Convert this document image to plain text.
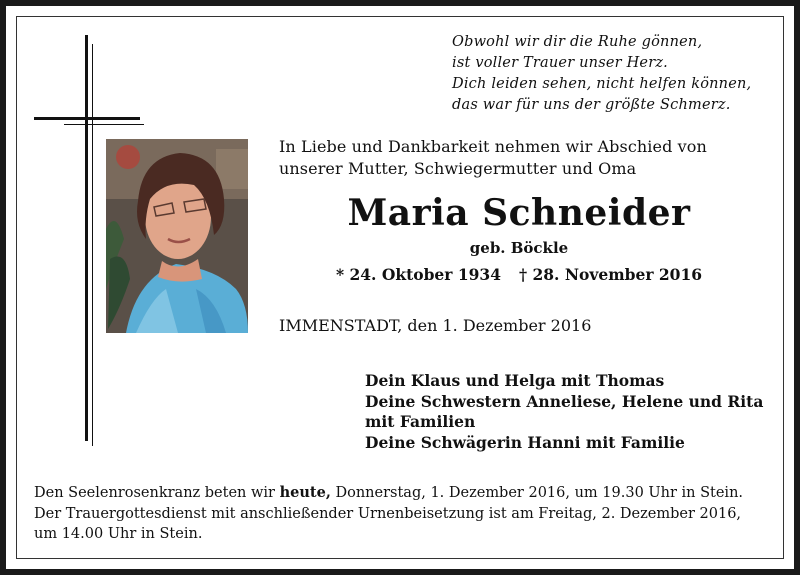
Obwohl wir dir die Ruhe gönnen,
ist voller Trauer unser Herz.
Dich leiden sehen, nicht helfen können,
das war für uns der größte Schmerz.
In Liebe und Dankbarkeit nehmen wir Abschied von
unserer Mutter, Schwiegermutter und Oma
Maria Schneider
geb. Böckle
* 24. Oktober 1934 † 28. November 2016
IMMENSTADT, den 1. Dezember 2016
Dein Klaus und Helga mit Thomas
Deine Schwestern Anneliese, Helene und Rita
mit Familien
Deine Schwägerin Hanni mit Familie
Den Seelenrosenkranz beten wir heute, Donnerstag, 1. Dezember 2016, um 19.30 Uhr in Stein.
Der Trauergottesdienst mit anschließender Urnenbeisetzung ist am Freitag, 2. Dezember 2016,
um 14.00 Uhr in Stein.
